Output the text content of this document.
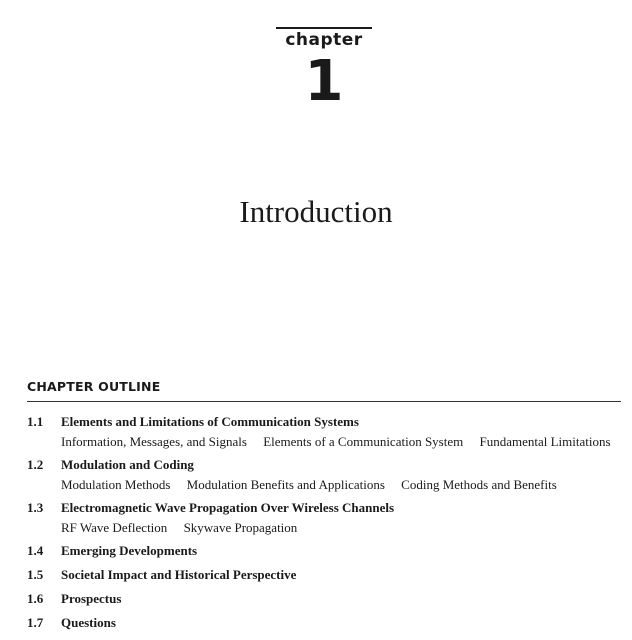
chapter
1
Introduction
CHAPTER OUTLINE
1.1	Elements and Limitations of Communication Systems
Information, Messages, and Signals Elements of a Communication System Fundamental Limitations
1.2	Modulation and Coding
Modulation Methods Modulation Benefits and Applications Coding Methods and Benefits
1.3	Electromagnetic Wave Propagation Over Wireless Channels
RF Wave Deflection Skywave Propagation
1.4	Emerging Developments
1.5	Societal Impact and Historical Perspective
1.6	Prospectus
1.7	Questions
